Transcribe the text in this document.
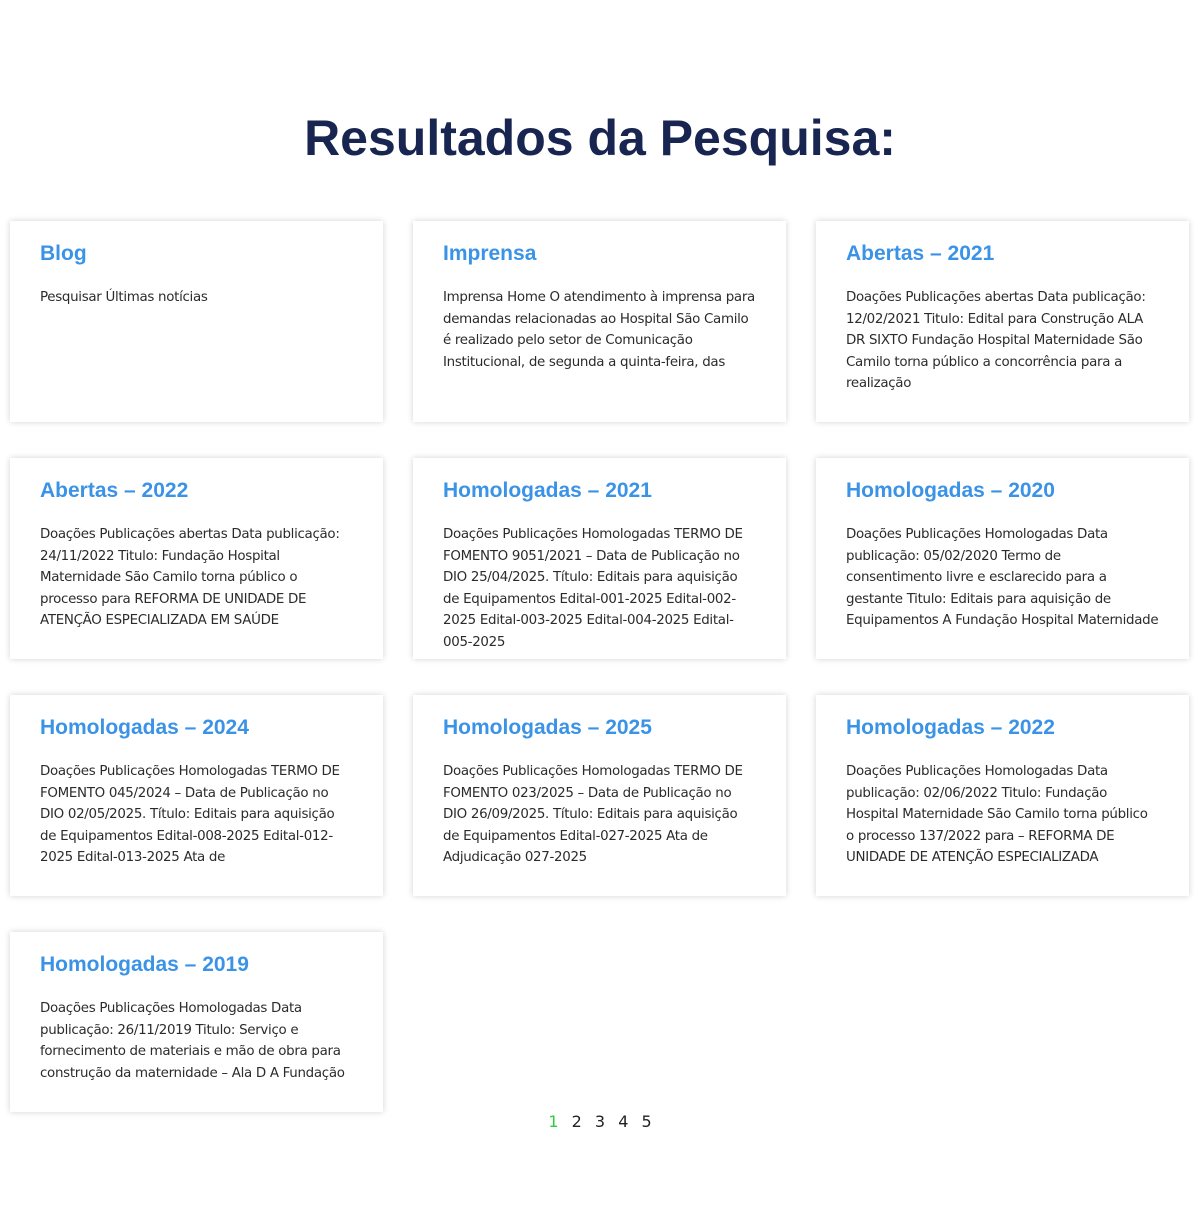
Resultados da Pesquisa:
Blog

Pesquisar Últimas notícias

Imprensa

Imprensa Home O atendimento à imprensa para demandas relacionadas ao Hospital São Camilo é realizado pelo setor de Comunicação Institucional, de segunda a quinta-feira, das

Abertas – 2021

Doações Publicações abertas Data publicação: 12/02/2021 Titulo: Edital para Construção ALA DR SIXTO Fundação Hospital Maternidade São Camilo torna público a concorrência para a realização

Abertas – 2022

Doações Publicações abertas Data publicação: 24/11/2022 Titulo: Fundação Hospital Maternidade São Camilo torna público o processo para REFORMA DE UNIDADE DE ATENÇÃO ESPECIALIZADA EM SAÚDE

Homologadas – 2021

Doações Publicações Homologadas TERMO DE FOMENTO 9051/2021 – Data de Publicação no DIO 25/04/2025. Título: Editais para aquisição de Equipamentos Edital-001-2025 Edital-002-2025 Edital-003-2025 Edital-004-2025 Edital-005-2025

Homologadas – 2020

Doações Publicações Homologadas Data publicação: 05/02/2020 Termo de consentimento livre e esclarecido para a gestante Titulo: Editais para aquisição de Equipamentos A Fundação Hospital Maternidade

Homologadas – 2024

Doações Publicações Homologadas TERMO DE FOMENTO 045/2024 – Data de Publicação no DIO 02/05/2025. Título: Editais para aquisição de Equipamentos Edital-008-2025 Edital-012-2025 Edital-013-2025 Ata de

Homologadas – 2025

Doações Publicações Homologadas TERMO DE FOMENTO 023/2025 – Data de Publicação no DIO 26/09/2025. Título: Editais para aquisição de Equipamentos Edital-027-2025 Ata de Adjudicação 027-2025

Homologadas – 2022

Doações Publicações Homologadas Data publicação: 02/06/2022 Titulo: Fundação Hospital Maternidade São Camilo torna público o processo 137/2022 para – REFORMA DE UNIDADE DE ATENÇÃO ESPECIALIZADA

Homologadas – 2019

Doações Publicações Homologadas Data publicação: 26/11/2019 Titulo: Serviço e fornecimento de materiais e mão de obra para construção da maternidade – Ala D A Fundação

1 2 3 4 5
